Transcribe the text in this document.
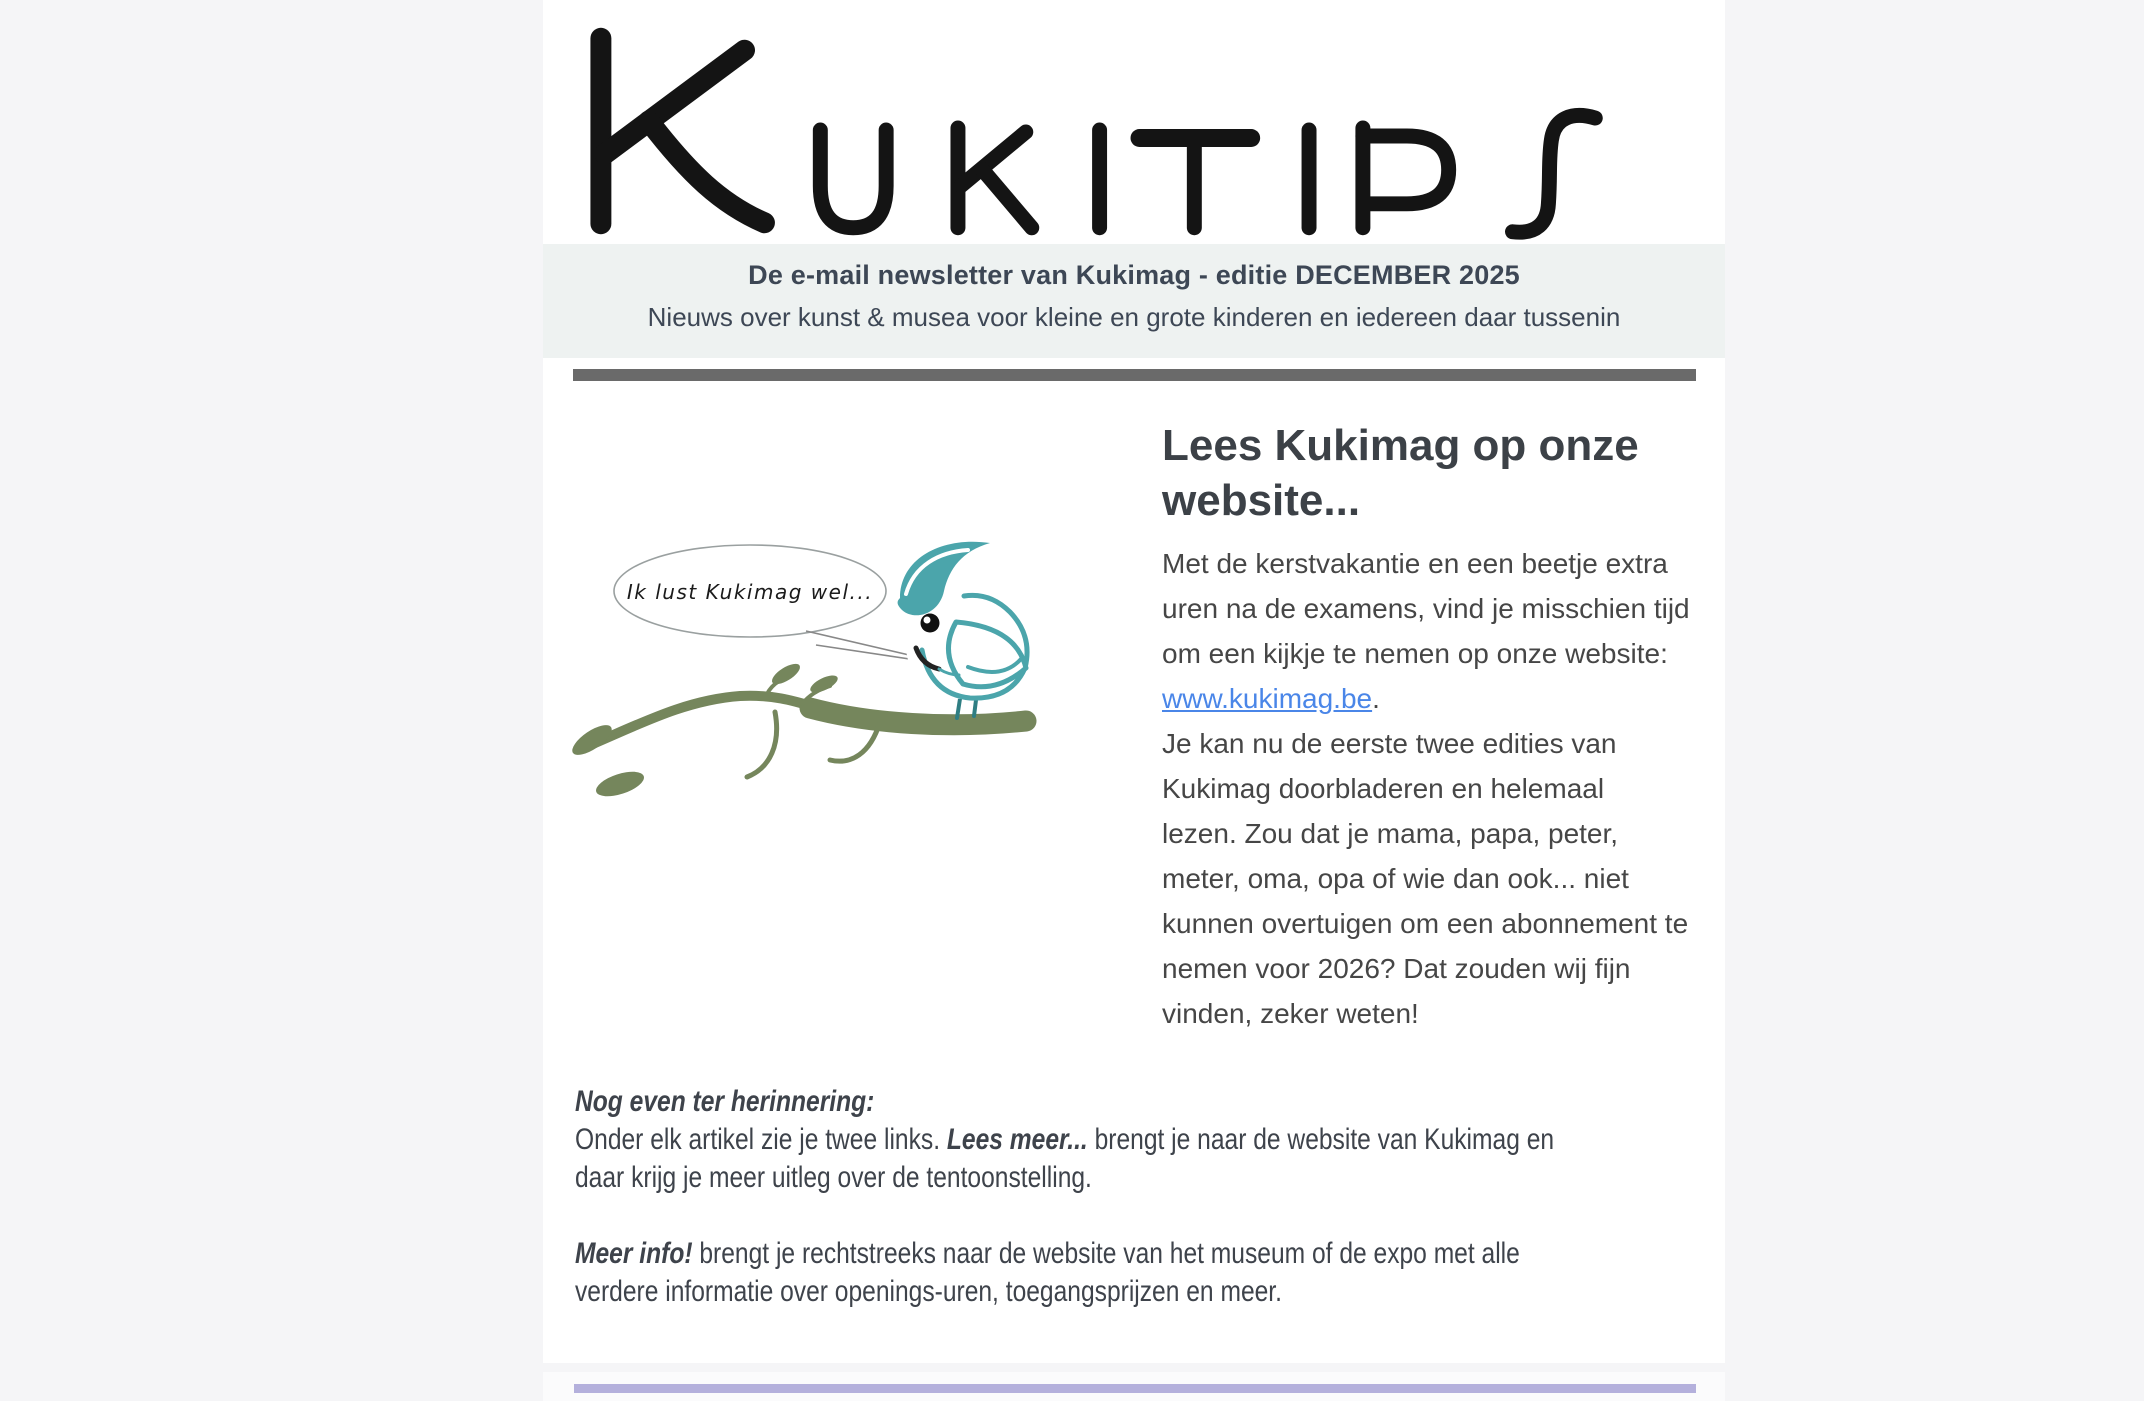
De e-mail newsletter van Kukimag - editie DECEMBER 2025
Nieuws over kunst & musea voor kleine en grote kinderen en iedereen daar tussenin
Ik lust Kukimag wel...
Lees Kukimag op onze website...

Met de kerstvakantie en een beetje extra
uren na de examens, vind je misschien tijd
om een kijkje te nemen op onze website:
www.kukimag.be.

Je kan nu de eerste twee edities van
Kukimag doorbladeren en helemaal
lezen. Zou dat je mama, papa, peter,
meter, oma, opa of wie dan ook... niet
kunnen overtuigen om een abonnement te
nemen voor 2026? Dat zouden wij fijn
vinden, zeker weten!

Nog even ter herinnering:

Onder elk artikel zie je twee links. Lees meer... brengt je naar de website van Kukimag en
daar krijg je meer uitleg over de tentoonstelling.

Meer info! brengt je rechtstreeks naar de website van het museum of de expo met alle
verdere informatie over openings-uren, toegangsprijzen en meer.
